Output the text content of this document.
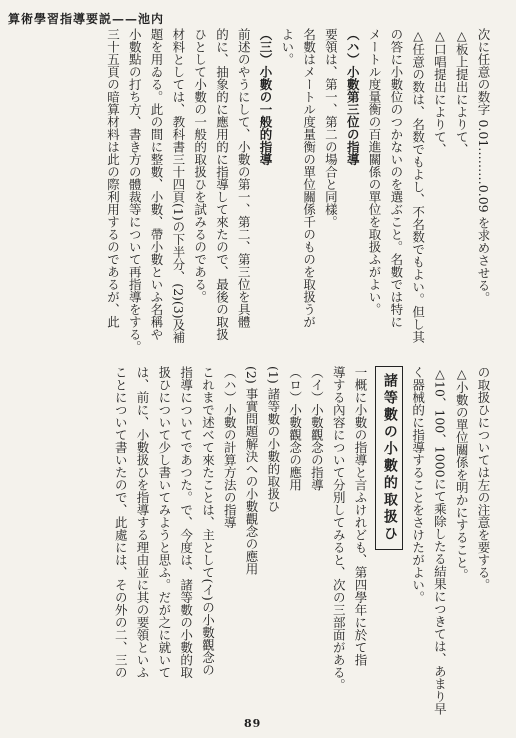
算術學習指導要説——池内
次に任意の数字 0.01………0.09 を求めさせる。
△板上提出によりて、
△口唱提出によりて、
△任意の数は、名数でもよし、不名数でもよい。但し其
の答に小數位のつかないのを選ぶこと。名數では特に
メートル度量衡の百進關係の單位を取扱ふがよい。
（ハ）小數第三位の指導
要領は、第一、第二の場合と同樣。
名數はメートル度量衡の單位關係千のものを取扱うが
よい。
（三）小數の一般的指導
前述のやうにして、小數の第一、第二、第三位を具體
的に、抽象的に應用的に指導して來たので、最後の取扱
ひとして小數の一般的取扱ひを試みるのである。
材料としては、教科書三十四頁(1)の下半分、(2)(3)及補
題を用ゐる。此の間に整數、小數、帶小數といふ名稱や
小數點の打ち方、書き方の體裁等について再指導をする。
三十五頁の暗算材料は此の際利用するのであるが、此
の取扱ひについては左の注意を要する。
△小數の單位關係を明かにすること。
△10、100、1000にて乘除したる結果につきては、あまり早
く器械的に指導することをさけたがよい。
諸等數の小數的取扱ひ
一概に小數の指導と言ふけれども、第四學年に於て指
導する內容について分別してみると、次の三部面がある。
（イ）小數觀念の指導
（ロ）小數觀念の應用
(1) 諸等數の小數的取扱ひ
(2) 事實問題解決への小數觀念の應用
（ハ）小數の計算方法の指導
これまで述べて來たことは、主として(イ)の小數觀念の
指導についてであつた。で、今度は、諸等數の小數的取
扱ひについて少し書いてみようと思ふ。だが之に就いて
は、前に、小數扱ひを指導する理由並に其の要領といふ
ことについて書いたので、此處には、その外の二、三の
89
